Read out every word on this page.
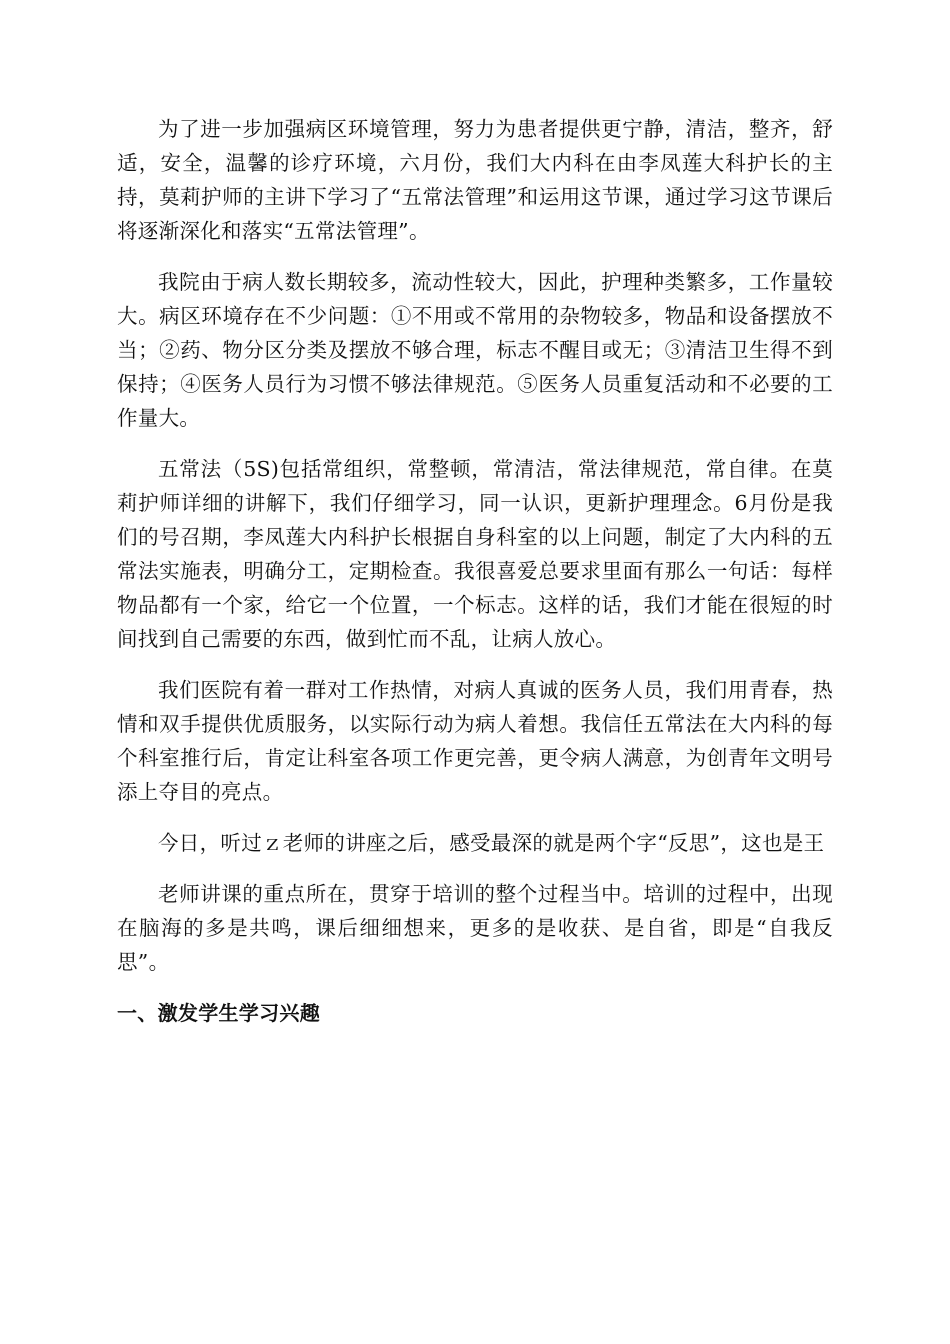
为了进一步加强病区环境管理，努力为患者提供更宁静，清洁，整齐，舒适，安全，温馨的诊疗环境，六月份，我们大内科在由李凤莲大科护长的主持，莫莉护师的主讲下学习了“五常法管理”和运用这节课，通过学习这节课后将逐渐深化和落实“五常法管理”。

我院由于病人数长期较多，流动性较大，因此，护理种类繁多，工作量较大。病区环境存在不少问题：①不用或不常用的杂物较多，物品和设备摆放不当；②药、物分区分类及摆放不够合理，标志不醒目或无；③清洁卫生得不到保持；④医务人员行为习惯不够法律规范。⑤医务人员重复活动和不必要的工作量大。

五常法（5S)包括常组织，常整顿，常清洁，常法律规范，常自律。在莫莉护师详细的讲解下，我们仔细学习，同一认识，更新护理理念。6月份是我们的号召期，李凤莲大内科护长根据自身科室的以上问题，制定了大内科的五常法实施表，明确分工，定期检查。我很喜爱总要求里面有那么一句话：每样物品都有一个家，给它一个位置，一个标志。这样的话，我们才能在很短的时间找到自己需要的东西，做到忙而不乱，让病人放心。

我们医院有着一群对工作热情，对病人真诚的医务人员，我们用青春，热情和双手提供优质服务，以实际行动为病人着想。我信任五常法在大内科的每个科室推行后，肯定让科室各项工作更完善，更令病人满意，为创青年文明号添上夺目的亮点。

今日，听过ｚ老师的讲座之后，感受最深的就是两个字“反思”，这也是王

老师讲课的重点所在，贯穿于培训的整个过程当中。培训的过程中，出现在脑海的多是共鸣，课后细细想来，更多的是收获、是自省，即是“自我反思”。

一、激发学生学习兴趣
